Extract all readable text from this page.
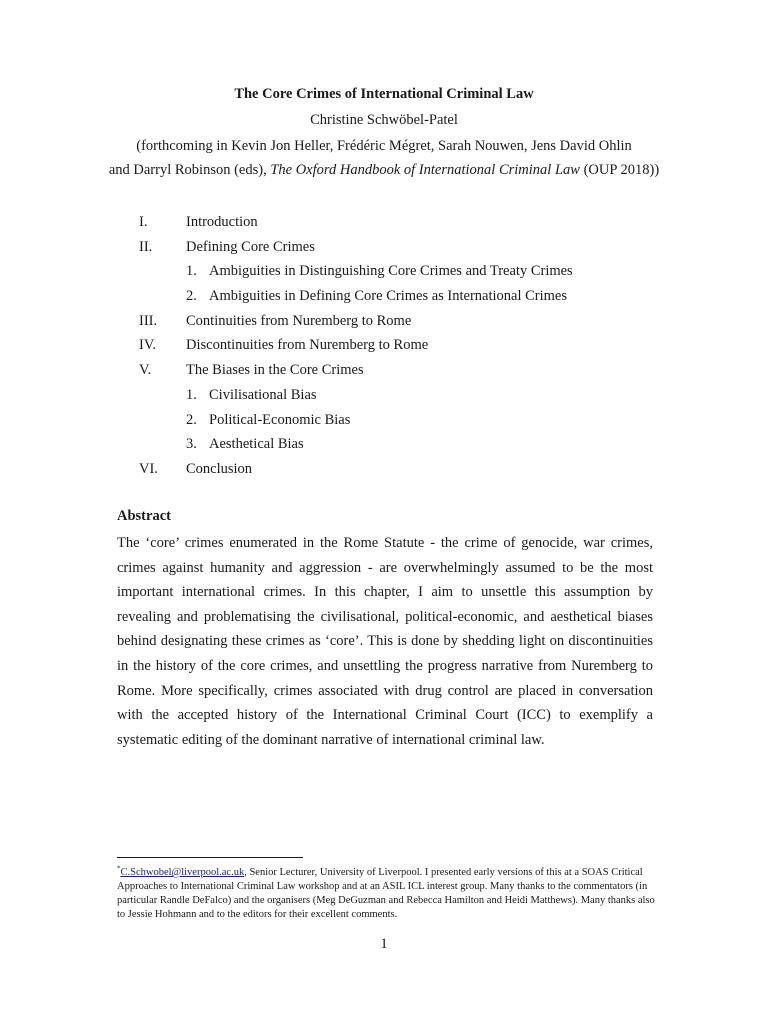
The Core Crimes of International Criminal Law
Christine Schwöbel-Patel
(forthcoming in Kevin Jon Heller, Frédéric Mégret, Sarah Nouwen, Jens David Ohlin
and Darryl Robinson (eds), The Oxford Handbook of International Criminal Law (OUP 2018))
I.	Introduction
II. Defining Core Crimes
1. Ambiguities in Distinguishing Core Crimes and Treaty Crimes
2. Ambiguities in Defining Core Crimes as International Crimes
III. Continuities from Nuremberg to Rome
IV. Discontinuities from Nuremberg to Rome
V. The Biases in the Core Crimes
1. Civilisational Bias
2. Political-Economic Bias
3. Aesthetical Bias
VI. Conclusion
Abstract
The ‘core’ crimes enumerated in the Rome Statute - the crime of genocide, war crimes, crimes against humanity and aggression - are overwhelmingly assumed to be the most important international crimes. In this chapter, I aim to unsettle this assumption by revealing and problematising the civilisational, political-economic, and aesthetical biases behind designating these crimes as ‘core’. This is done by shedding light on discontinuities in the history of the core crimes, and unsettling the progress narrative from Nuremberg to Rome. More specifically, crimes associated with drug control are placed in conversation with the accepted history of the International Criminal Court (ICC) to exemplify a systematic editing of the dominant narrative of international criminal law.
*C.Schwobel@liverpool.ac.uk, Senior Lecturer, University of Liverpool. I presented early versions of this at a SOAS Critical Approaches to International Criminal Law workshop and at an ASIL ICL interest group. Many thanks to the commentators (in particular Randle DeFalco) and the organisers (Meg DeGuzman and Rebecca Hamilton and Heidi Matthews). Many thanks also to Jessie Hohmann and to the editors for their excellent comments.
1
